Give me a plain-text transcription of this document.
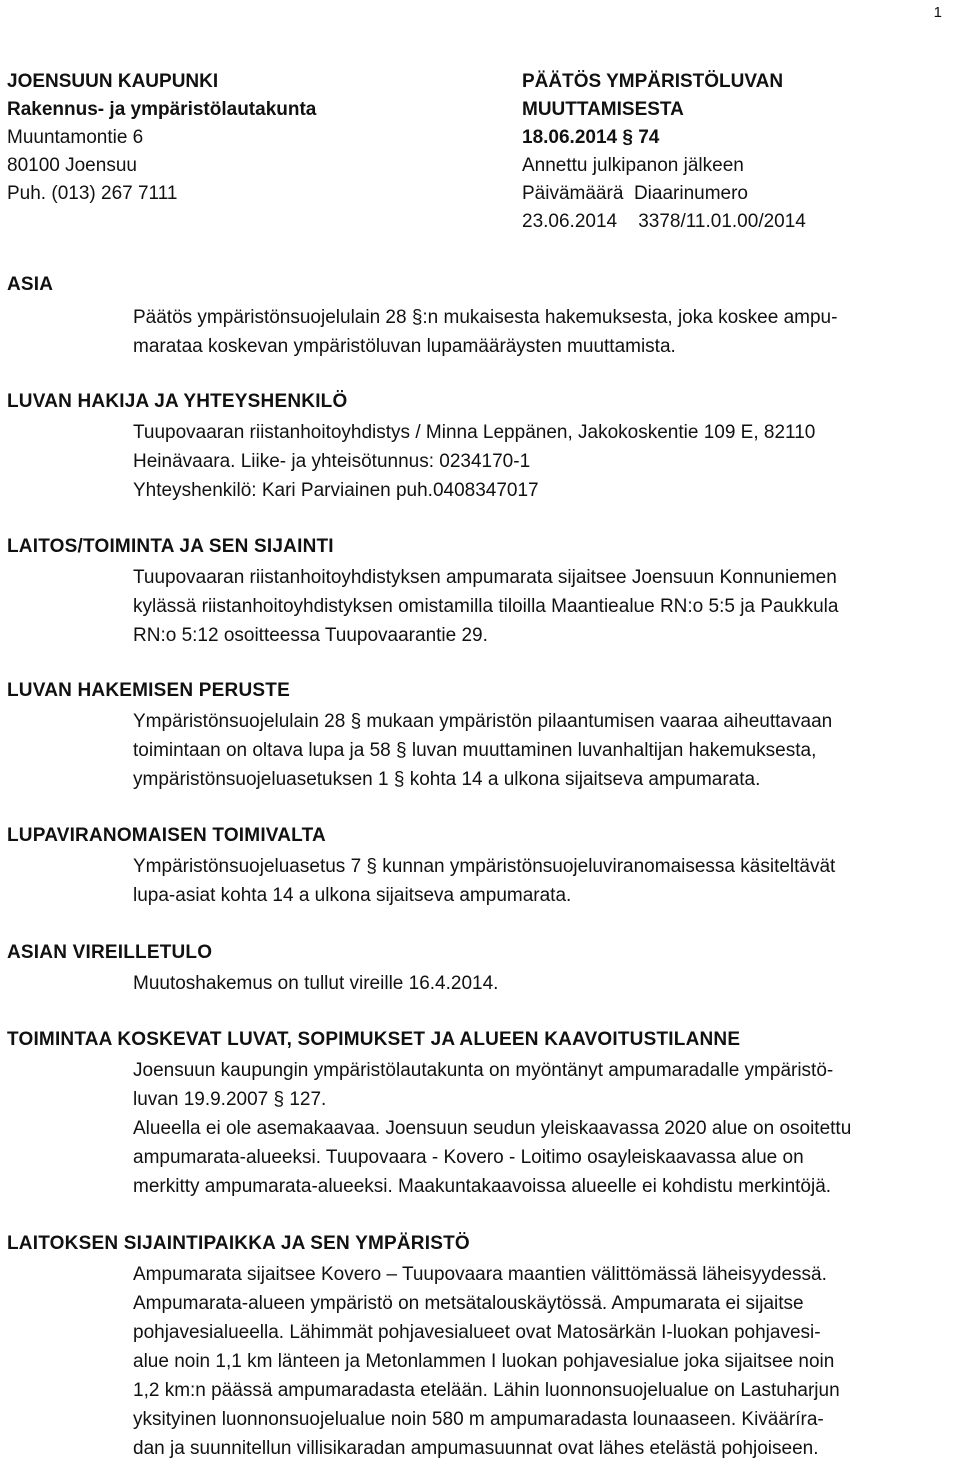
1
JOENSUUN KAUPUNKI
Rakennus- ja ympäristölautakunta
Muuntamontie 6
80100 Joensuu
Puh. (013) 267 7111
PÄÄTÖS YMPÄRISTÖLUVAN
MUUTTAMISESTA
18.06.2014 § 74
Annettu julkipanon jälkeen
Päivämäärä Diaarinumero
23.06.2014 3378/11.01.00/2014
ASIA

Päätös ympäristönsuojelulain 28 §:n mukaisesta hakemuksesta, joka koskee ampu-

marataa koskevan ympäristöluvan lupamääräysten muuttamista.

LUVAN HAKIJA JA YHTEYSHENKILÖ

Tuupovaaran riistanhoitoyhdistys / Minna Leppänen, Jakokoskentie 109 E, 82110

Heinävaara. Liike- ja yhteisötunnus: 0234170-1

Yhteyshenkilö: Kari Parviainen puh.0408347017

LAITOS/TOIMINTA JA SEN SIJAINTI

Tuupovaaran riistanhoitoyhdistyksen ampumarata sijaitsee Joensuun Konnuniemen

kylässä riistanhoitoyhdistyksen omistamilla tiloilla Maantiealue RN:o 5:5 ja Paukkula

RN:o 5:12 osoitteessa Tuupovaarantie 29.

LUVAN HAKEMISEN PERUSTE

Ympäristönsuojelulain 28 § mukaan ympäristön pilaantumisen vaaraa aiheuttavaan

toimintaan on oltava lupa ja 58 § luvan muuttaminen luvanhaltijan hakemuksesta,

ympäristönsuojeluasetuksen 1 § kohta 14 a ulkona sijaitseva ampumarata.

LUPAVIRANOMAISEN TOIMIVALTA

Ympäristönsuojeluasetus 7 § kunnan ympäristönsuojeluviranomaisessa käsiteltävät

lupa-asiat kohta 14 a ulkona sijaitseva ampumarata.

ASIAN VIREILLETULO

Muutoshakemus on tullut vireille 16.4.2014.

TOIMINTAA KOSKEVAT LUVAT, SOPIMUKSET JA ALUEEN KAAVOITUSTILANNE

Joensuun kaupungin ympäristölautakunta on myöntänyt ampumaradalle ympäristö-

luvan 19.9.2007 § 127.

Alueella ei ole asemakaavaa. Joensuun seudun yleiskaavassa 2020 alue on osoitettu

ampumarata-alueeksi. Tuupovaara - Kovero - Loitimo osayleiskaavassa alue on

merkitty ampumarata-alueeksi. Maakuntakaavoissa alueelle ei kohdistu merkintöjä.

LAITOKSEN SIJAINTIPAIKKA JA SEN YMPÄRISTÖ

Ampumarata sijaitsee Kovero – Tuupovaara maantien välittömässä läheisyydessä.

Ampumarata-alueen ympäristö on metsätalouskäytössä. Ampumarata ei sijaitse

pohjavesialueella. Lähimmät pohjavesialueet ovat Matosärkän I-luokan pohjavesi-

alue noin 1,1 km länteen ja Metonlammen I luokan pohjavesialue joka sijaitsee noin

1,2 km:n päässä ampumaradasta etelään. Lähin luonnonsuojelualue on Lastuharjun

yksityinen luonnonsuojelualue noin 580 m ampumaradasta lounaaseen. Kivääríra-

dan ja suunnitellun villisikaradan ampumasuunnat ovat lähes etelästä pohjoiseen.
